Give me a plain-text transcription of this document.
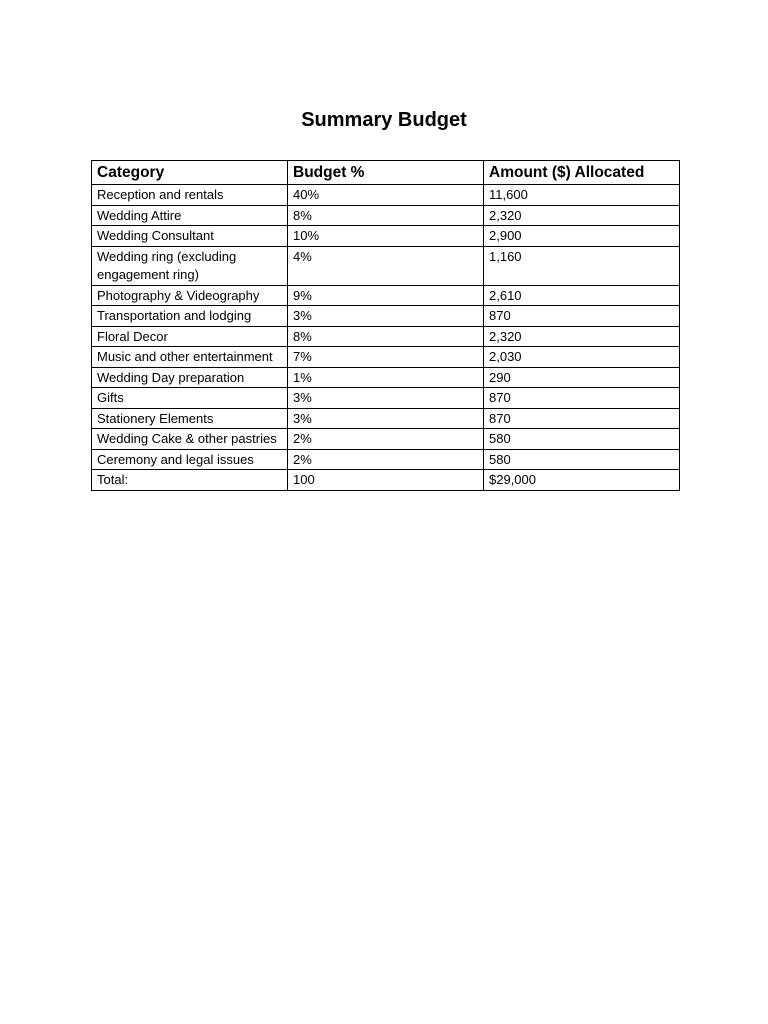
Summary Budget
Category	Budget %	Amount ($) Allocated
Reception and rentals	40%	11,600
Wedding Attire	8%	2,320
Wedding Consultant	10%	2,900
Wedding ring (excluding engagement ring)	4%	1,160
Photography & Videography	9%	2,610
Transportation and lodging	3%	870
Floral Decor	8%	2,320
Music and other entertainment	7%	2,030
Wedding Day preparation	1%	290
Gifts	3%	870
Stationery Elements	3%	870
Wedding Cake & other pastries	2%	580
Ceremony and legal issues	2%	580
Total:	100	$29,000
